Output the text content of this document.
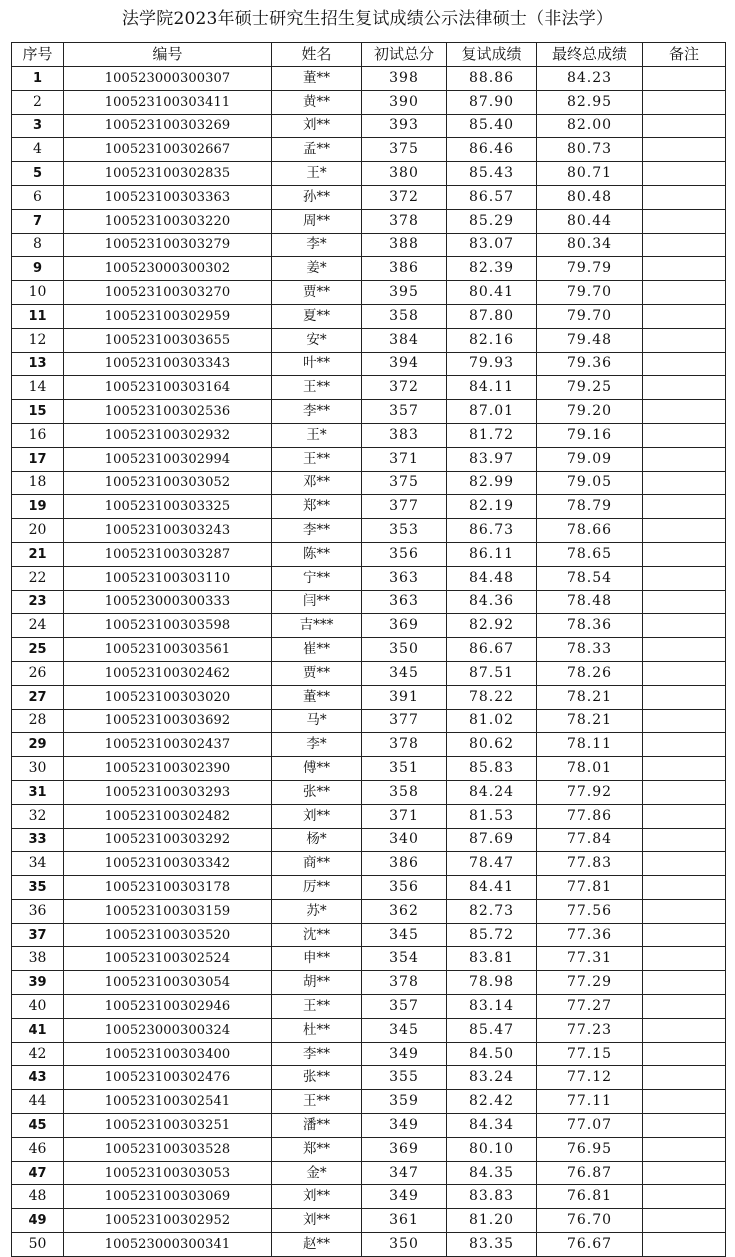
法学院2023年硕士研究生招生复试成绩公示法律硕士（非法学）
序号	编号	姓名	初试总分	复试成绩	最终总成绩	备注
1	100523000300307	董**	398	88.86	84.23	
2	100523100303411	黄**	390	87.90	82.95	
3	100523100303269	刘**	393	85.40	82.00	
4	100523100302667	孟**	375	86.46	80.73	
5	100523100302835	王*	380	85.43	80.71	
6	100523100303363	孙**	372	86.57	80.48	
7	100523100303220	周**	378	85.29	80.44	
8	100523100303279	李*	388	83.07	80.34	
9	100523000300302	姜*	386	82.39	79.79	
10	100523100303270	贾**	395	80.41	79.70	
11	100523100302959	夏**	358	87.80	79.70	
12	100523100303655	安*	384	82.16	79.48	
13	100523100303343	叶**	394	79.93	79.36	
14	100523100303164	王**	372	84.11	79.25	
15	100523100302536	李**	357	87.01	79.20	
16	100523100302932	王*	383	81.72	79.16	
17	100523100302994	王**	371	83.97	79.09	
18	100523100303052	邓**	375	82.99	79.05	
19	100523100303325	郑**	377	82.19	78.79	
20	100523100303243	李**	353	86.73	78.66	
21	100523100303287	陈**	356	86.11	78.65	
22	100523100303110	宁**	363	84.48	78.54	
23	100523000300333	闫**	363	84.36	78.48	
24	100523100303598	吉***	369	82.92	78.36	
25	100523100303561	崔**	350	86.67	78.33	
26	100523100302462	贾**	345	87.51	78.26	
27	100523100303020	董**	391	78.22	78.21	
28	100523100303692	马*	377	81.02	78.21	
29	100523100302437	李*	378	80.62	78.11	
30	100523100302390	傅**	351	85.83	78.01	
31	100523100303293	张**	358	84.24	77.92	
32	100523100302482	刘**	371	81.53	77.86	
33	100523100303292	杨*	340	87.69	77.84	
34	100523100303342	商**	386	78.47	77.83	
35	100523100303178	厉**	356	84.41	77.81	
36	100523100303159	苏*	362	82.73	77.56	
37	100523100303520	沈**	345	85.72	77.36	
38	100523100302524	申**	354	83.81	77.31	
39	100523100303054	胡**	378	78.98	77.29	
40	100523100302946	王**	357	83.14	77.27	
41	100523000300324	杜**	345	85.47	77.23	
42	100523100303400	李**	349	84.50	77.15	
43	100523100302476	张**	355	83.24	77.12	
44	100523100302541	王**	359	82.42	77.11	
45	100523100303251	潘**	349	84.34	77.07	
46	100523100303528	郑**	369	80.10	76.95	
47	100523100303053	金*	347	84.35	76.87	
48	100523100303069	刘**	349	83.83	76.81	
49	100523100302952	刘**	361	81.20	76.70	
50	100523000300341	赵**	350	83.35	76.67	
